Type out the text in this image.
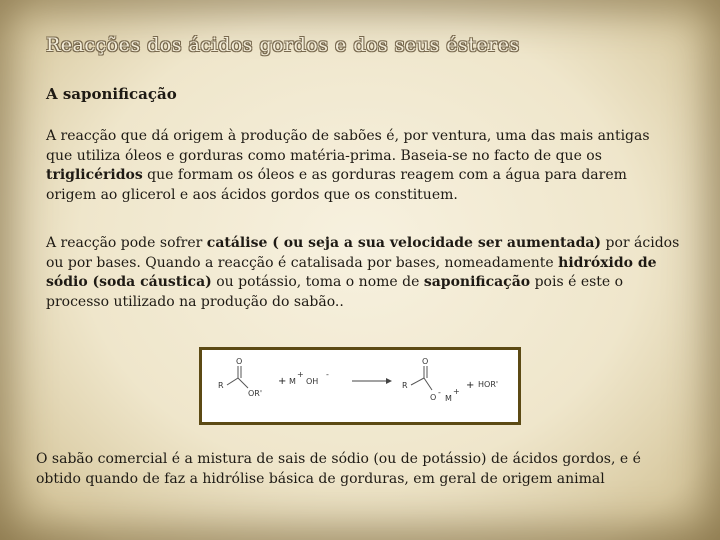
Reacções dos ácidos gordos e dos seus ésteres
A saponificação
A reacção que dá origem à produção de sabões é, por ventura, uma das mais antigas que utiliza óleos e gorduras como matéria-prima. Baseia-se no facto de que os triglicéridos que formam os óleos e as gorduras reagem com a água para darem origem ao glicerol e aos ácidos gordos que os constituem.
A reacção pode sofrer catálise ( ou seja a sua velocidade ser aumentada) por ácidos ou por bases. Quando a reacção é catalisada por bases, nomeadamente hidróxido de sódio (soda cáustica) ou potássio, toma o nome de saponificação pois é este o processo utilizado na produção do sabão..
R
O
OR'
+ M
+
OH
-
R
O
O
-
M
+
+ HOR'
O sabão comercial é a mistura de sais de sódio (ou de potássio) de ácidos gordos, e é obtido quando de faz a hidrólise básica de gorduras, em geral de origem animal
